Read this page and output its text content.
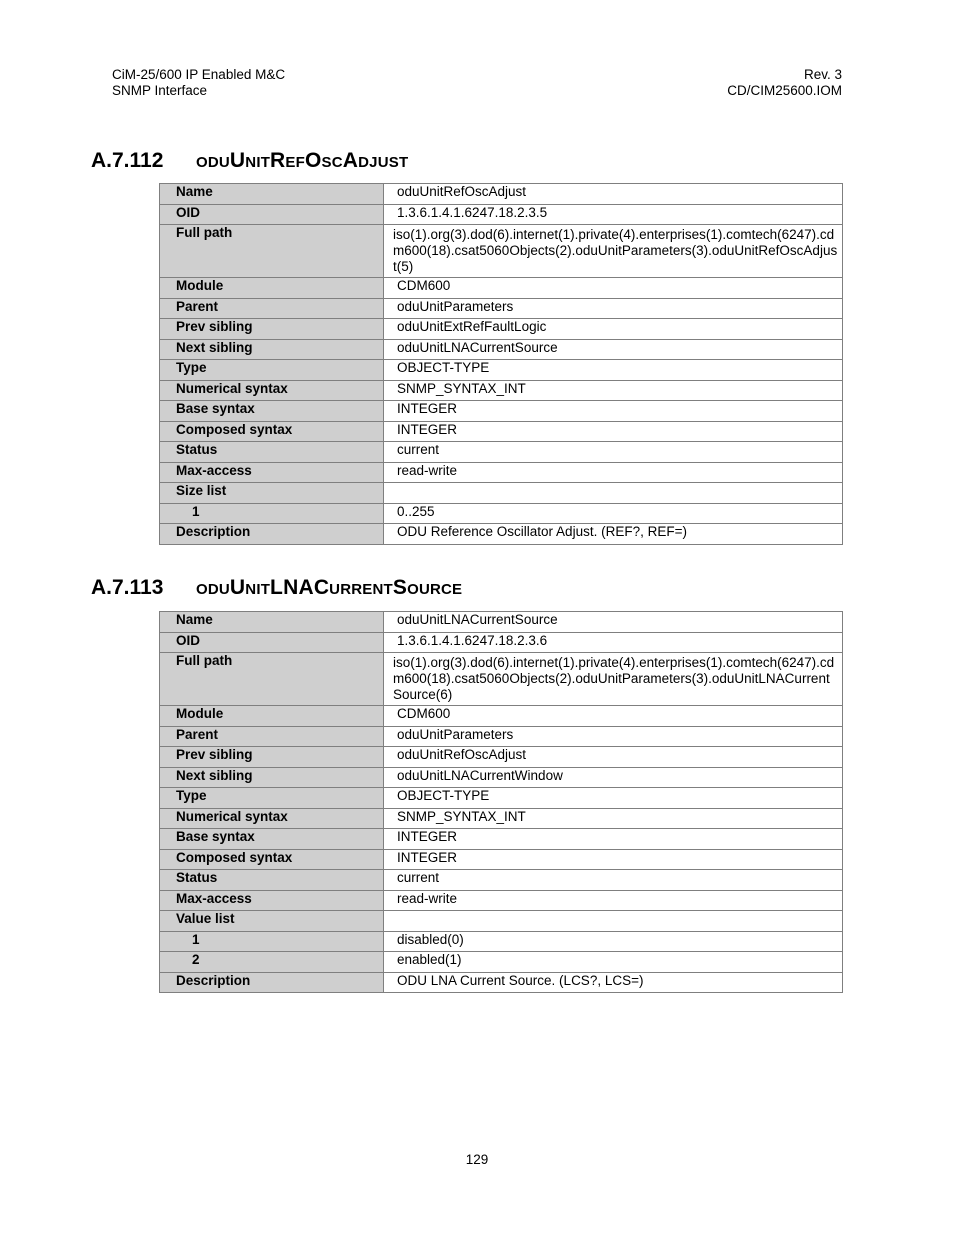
CiM-25/600 IP Enabled M&C
SNMP Interface
Rev. 3
CD/CIM25600.IOM
A.7.112 oduUnitRefOscAdjust
Name	oduUnitRefOscAdjust
OID	1.3.6.1.4.1.6247.18.2.3.5
Full path	iso(1).org(3).dod(6).internet(1).private(4).enterprises(1).comtech(6247).cdm600(18).csat5060Objects(2).oduUnitParameters(3).oduUnitRefOscAdjust(5)
Module	CDM600
Parent	oduUnitParameters
Prev sibling	oduUnitExtRefFaultLogic
Next sibling	oduUnitLNACurrentSource
Type	OBJECT-TYPE
Numerical syntax	SNMP_SYNTAX_INT
Base syntax	INTEGER
Composed syntax	INTEGER
Status	current
Max-access	read-write
Size list	
1	0..255
Description	ODU Reference Oscillator Adjust. (REF?, REF=)
A.7.113 oduUnitLNACurrentSource
Name	oduUnitLNACurrentSource
OID	1.3.6.1.4.1.6247.18.2.3.6
Full path	iso(1).org(3).dod(6).internet(1).private(4).enterprises(1).comtech(6247).cdm600(18).csat5060Objects(2).oduUnitParameters(3).oduUnitLNACurrentSource(6)
Module	CDM600
Parent	oduUnitParameters
Prev sibling	oduUnitRefOscAdjust
Next sibling	oduUnitLNACurrentWindow
Type	OBJECT-TYPE
Numerical syntax	SNMP_SYNTAX_INT
Base syntax	INTEGER
Composed syntax	INTEGER
Status	current
Max-access	read-write
Value list	
1	disabled(0)
2	enabled(1)
Description	ODU LNA Current Source. (LCS?, LCS=)
129
